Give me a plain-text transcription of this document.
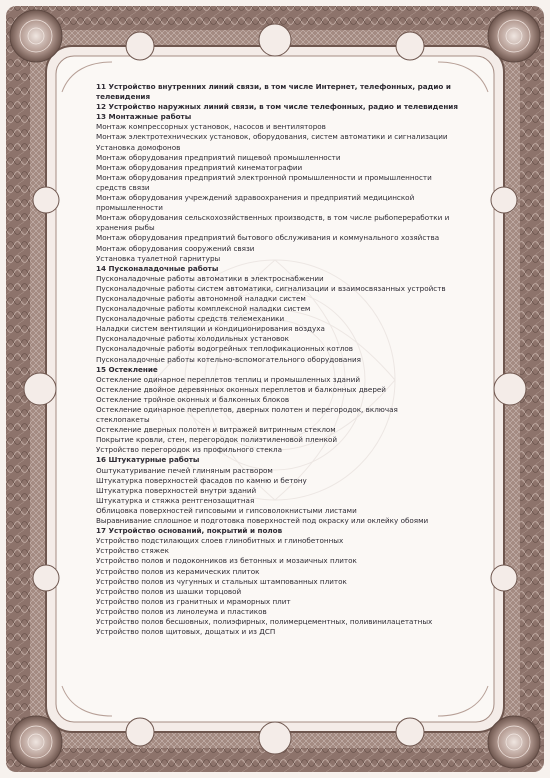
11 Устройство внутренних линий связи, в том числе Интернет, телефонных, радио и
телевидения
12 Устройство наружных линий связи, в том числе телефонных, радио и телевидения
13 Монтажные работы
Монтаж компрессорных установок, насосов и вентиляторов
Монтаж электротехнических установок, оборудования, систем автоматики и сигнализации
Установка домофонов
Монтаж оборудования предприятий пищевой промышленности
Монтаж оборудования предприятий кинематографии
Монтаж оборудования предприятий электронной промышленности и промышленности
средств связи
Монтаж оборудования учреждений здравоохранения и предприятий медицинской
промышленности
Монтаж оборудования сельскохозяйственных производств, в том числе рыбопереработки и
хранения рыбы
Монтаж оборудования предприятий бытового обслуживания и коммунального хозяйства
Монтаж оборудования сооружений связи
Установка туалетной гарнитуры
14 Пусконаладочные работы
Пусконаладочные работы автоматики в электроснабжении
Пусконаладочные работы систем автоматики, сигнализации и взаимосвязанных устройств
Пусконаладочные работы автономной наладки систем
Пусконаладочные работы комплексной наладки систем
Пусконаладочные работы средств телемеханики
Наладки систем вентиляции и кондиционирования воздуха
Пусконаладочные работы холодильных установок
Пусконаладочные работы водогрейных теплофикационных котлов
Пусконаладочные работы котельно-вспомогательного оборудования
15 Остекление
Остекление одинарное переплетов теплиц и промышленных зданий
Остекление двойное деревянных оконных переплетов и балконных дверей
Остекление тройное оконных и балконных блоков
Остекление одинарное переплетов, дверных полотен и перегородок, включая
стеклопакеты
Остекление дверных полотен и витражей витринным стеклом
Покрытие кровли, стен, перегородок полиэтиленовой пленкой
Устройство перегородок из профильного стекла
16 Штукатурные работы
Оштукатуривание печей глиняным раствором
Штукатурка поверхностей фасадов по камню и бетону
Штукатурка поверхностей внутри зданий
Штукатурка и стяжка рентгенозащитная
Облицовка поверхностей гипсовыми и гипсоволокнистыми листами
Выравнивание сплошное и подготовка поверхностей под окраску или оклейку обоями
17 Устройство оснований, покрытий и полов
Устройство подстилающих слоев глинобитных и глинобетонных
Устройство стяжек
Устройство полов и подоконников из бетонных и мозаичных плиток
Устройство полов из керамических плиток
Устройство полов из чугунных и стальных штампованных плиток
Устройство полов из шашки торцовой
Устройство полов из гранитных и мраморных плит
Устройство полов из линолеума и пластиков
Устройство полов бесшовных, полиэфирных, полимерцементных, поливинилацетатных
Устройство полов щитовых, дощатых и из ДСП
